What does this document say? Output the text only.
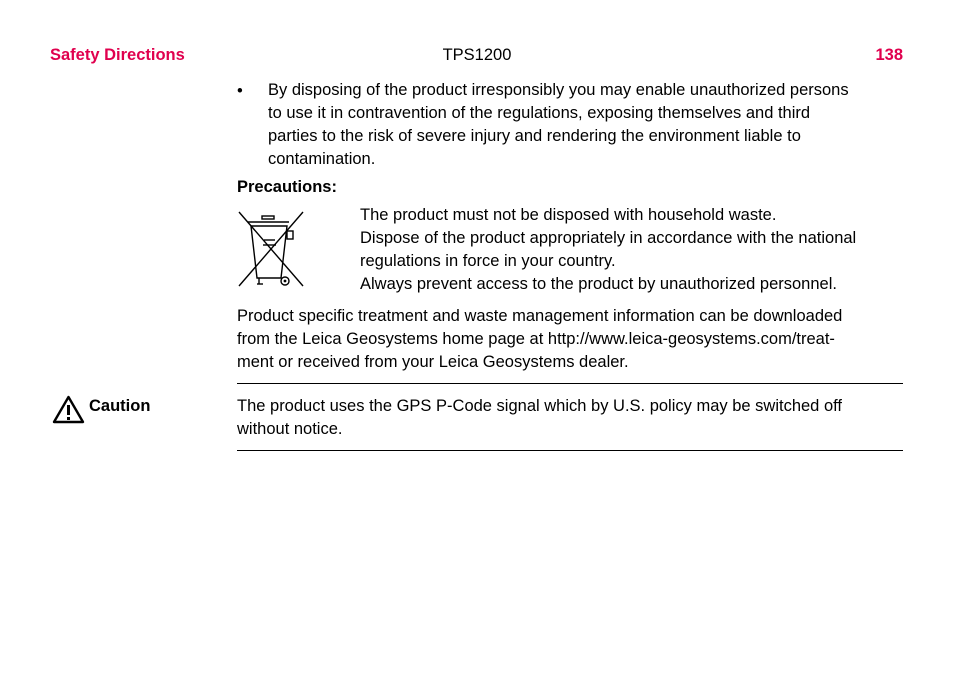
Safety Directions	TPS1200	138
• By disposing of the product irresponsibly you may enable unauthorized persons
to use it in contravention of the regulations, exposing themselves and third
parties to the risk of severe injury and rendering the environment liable to
contamination.
Precautions:
The product must not be disposed with household waste.
Dispose of the product appropriately in accordance with the national
regulations in force in your country.
Always prevent access to the product by unauthorized personnel.
Product specific treatment and waste management information can be downloaded
from the Leica Geosystems home page at http://www.leica-geosystems.com/treat-
ment or received from your Leica Geosystems dealer.
Caution	The product uses the GPS P-Code signal which by U.S. policy may be switched off
without notice.
